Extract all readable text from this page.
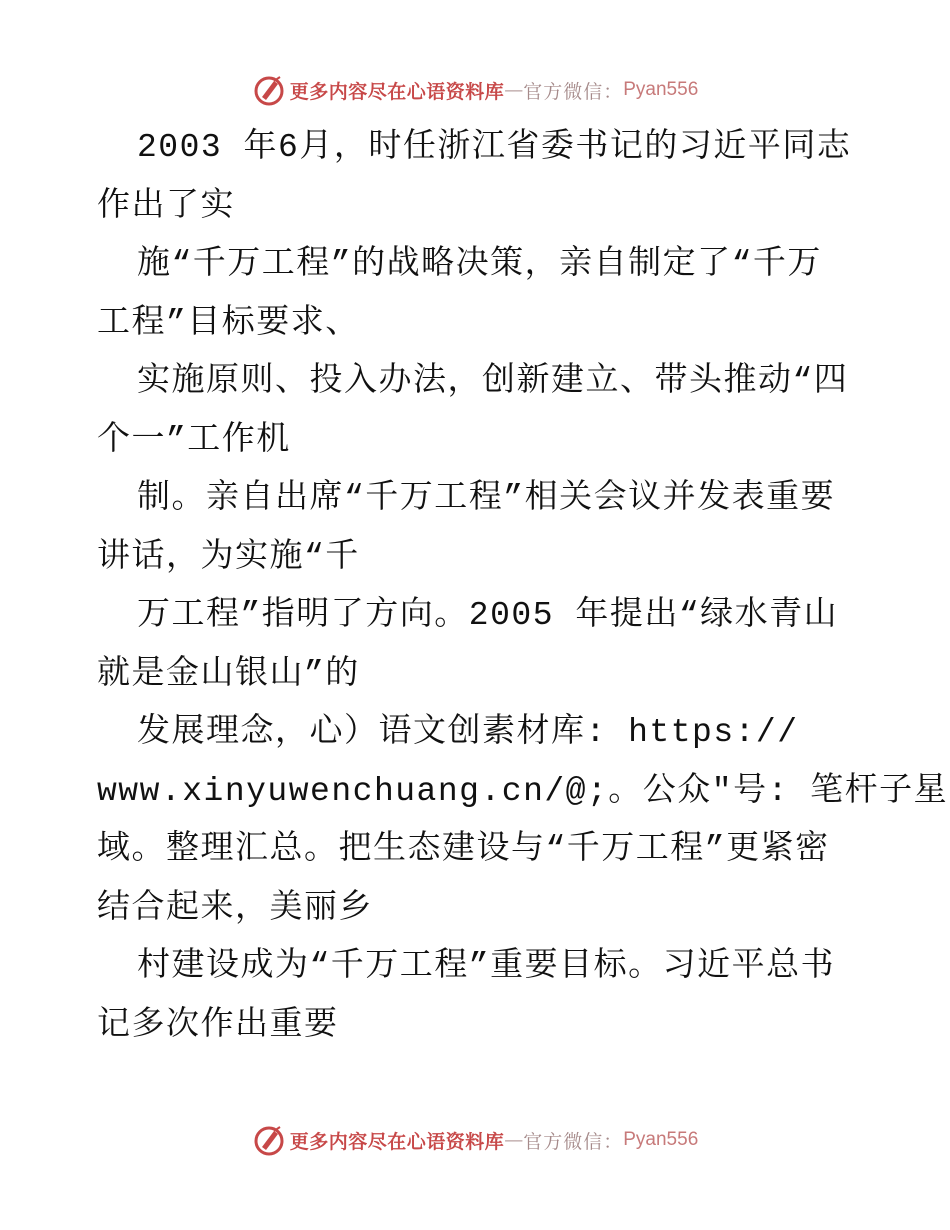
更多内容尽在心语资料库 — 官方微信： Pyan556
2003 年6月，时任浙江省委书记的习近平同志
作出了实
施“千万工程”的战略决策，亲自制定了“千万
工程”目标要求、
实施原则、投入办法，创新建立、带头推动“四
个一”工作机
制。亲自出席“千万工程”相关会议并发表重要
讲话，为实施“千
万工程”指明了方向。2005 年提出“绿水青山
就是金山银山”的
发展理念，心）语文创素材库: https://
www.xinyuwenchuang.cn/@;。公众"号: 笔杆子星
域。整理汇总。把生态建设与“千万工程”更紧密
结合起来，美丽乡
村建设成为“千万工程”重要目标。习近平总书
记多次作出重要
更多内容尽在心语资料库 — 官方微信： Pyan556
